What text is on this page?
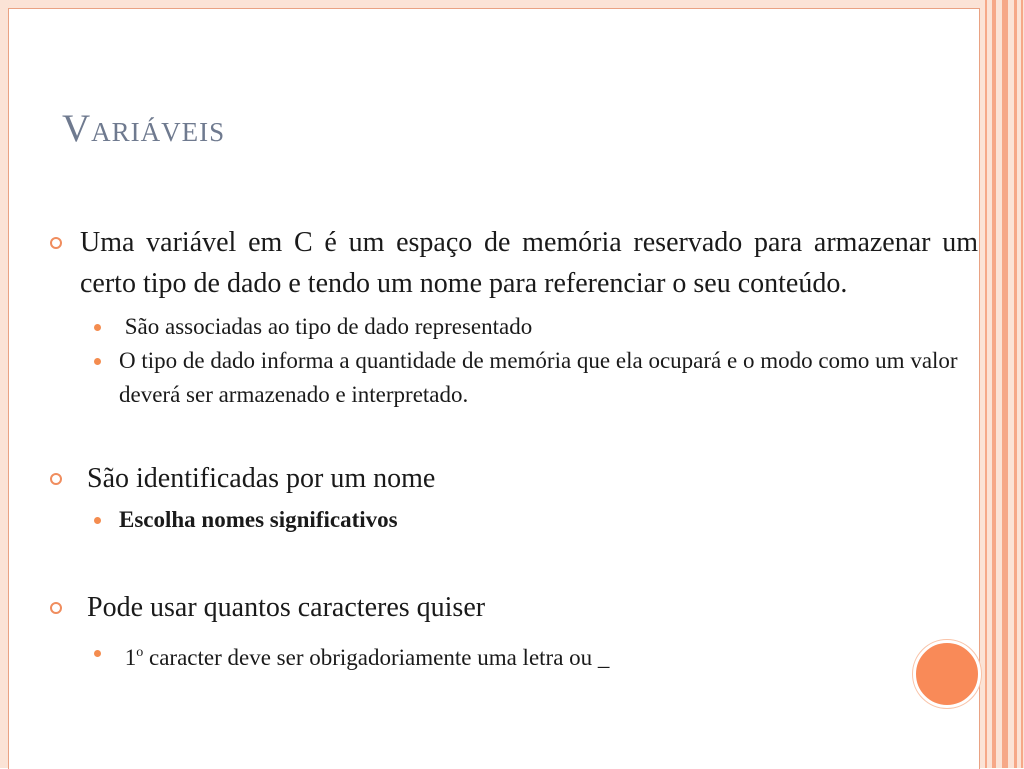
Variáveis
Uma variável em C é um espaço de memória reservado para armazenar um certo tipo de dado e tendo um nome para referenciar o seu conteúdo.
São associadas ao tipo de dado representado
O tipo de dado informa a quantidade de memória que ela ocupará e o modo como um valor deverá ser armazenado e interpretado.
São identificadas por um nome
Escolha nomes significativos
Pode usar quantos caracteres quiser
1$^o$ caracter deve ser obrigadoriamente uma letra ou _
